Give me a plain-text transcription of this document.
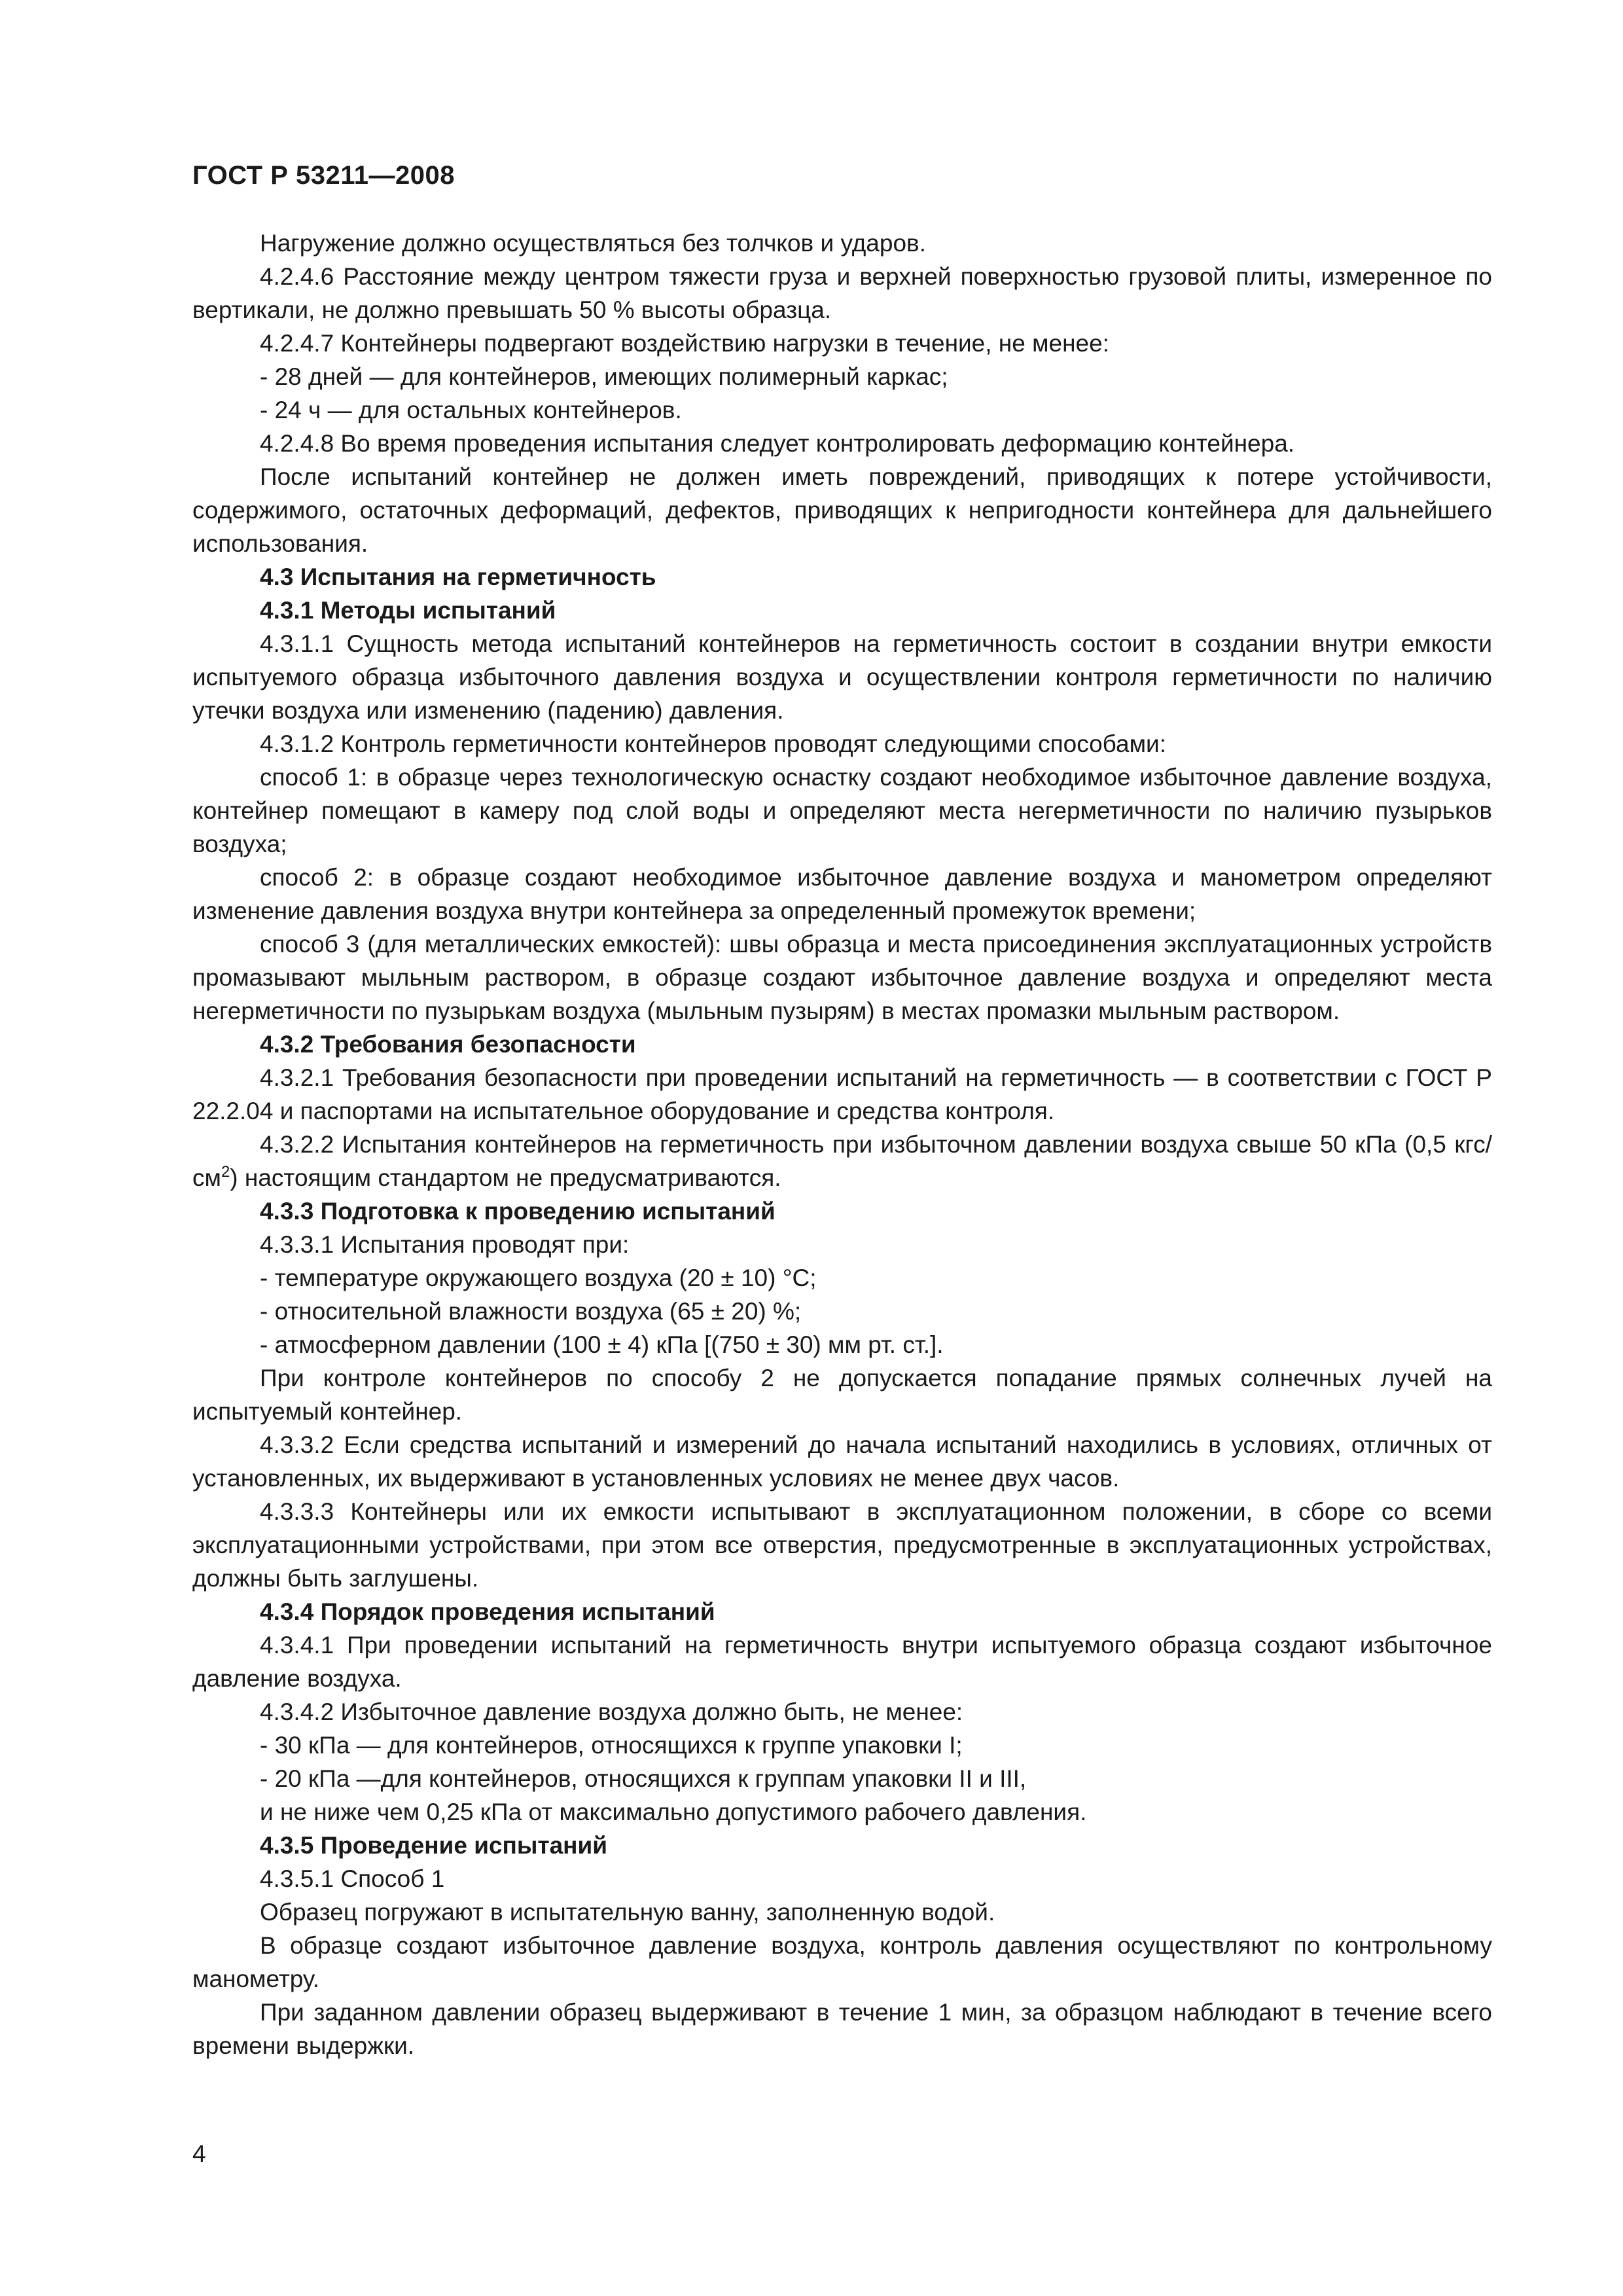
ГОСТ Р 53211—2008

Нагружение должно осуществляться без толчков и ударов.

4.2.4.6 Расстояние между центром тяжести груза и верхней поверхностью грузовой плиты, измеренное по вертикали, не должно превышать 50 % высоты образца.

4.2.4.7 Контейнеры подвергают воздействию нагрузки в течение, не менее:

- 28 дней — для контейнеров, имеющих полимерный каркас;

- 24 ч — для остальных контейнеров.

4.2.4.8 Во время проведения испытания следует контролировать деформацию контейнера.

После испытаний контейнер не должен иметь повреждений, приводящих к потере устойчивости, содержимого, остаточных деформаций, дефектов, приводящих к непригодности контейнера для дальнейшего использования.

4.3 Испытания на герметичность

4.3.1 Методы испытаний

4.3.1.1 Сущность метода испытаний контейнеров на герметичность состоит в создании внутри емкости испытуемого образца избыточного давления воздуха и осуществлении контроля герметичности по наличию утечки воздуха или изменению (падению) давления.

4.3.1.2 Контроль герметичности контейнеров проводят следующими способами:

способ 1: в образце через технологическую оснастку создают необходимое избыточное давление воздуха, контейнер помещают в камеру под слой воды и определяют места негерметичности по наличию пузырьков воздуха;

способ 2: в образце создают необходимое избыточное давление воздуха и манометром определяют изменение давления воздуха внутри контейнера за определенный промежуток времени;

способ 3 (для металлических емкостей): швы образца и места присоединения эксплуатационных устройств промазывают мыльным раствором, в образце создают избыточное давление воздуха и определяют места негерметичности по пузырькам воздуха (мыльным пузырям) в местах промазки мыльным раствором.

4.3.2 Требования безопасности

4.3.2.1 Требования безопасности при проведении испытаний на герметичность — в соответствии с ГОСТ Р 22.2.04 и паспортами на испытательное оборудование и средства контроля.

4.3.2.2 Испытания контейнеров на герметичность при избыточном давлении воздуха свыше 50 кПа (0,5 кгс/$см^2$) настоящим стандартом не предусматриваются.

4.3.3 Подготовка к проведению испытаний

4.3.3.1 Испытания проводят при:

- температуре окружающего воздуха (20 ± 10) °C;

- относительной влажности воздуха (65 ± 20) %;

- атмосферном давлении (100 ± 4) кПа [(750 ± 30) мм рт. ст.].

При контроле контейнеров по способу 2 не допускается попадание прямых солнечных лучей на испытуемый контейнер.

4.3.3.2 Если средства испытаний и измерений до начала испытаний находились в условиях, отличных от установленных, их выдерживают в установленных условиях не менее двух часов.

4.3.3.3 Контейнеры или их емкости испытывают в эксплуатационном положении, в сборе со всеми эксплуатационными устройствами, при этом все отверстия, предусмотренные в эксплуатационных устройствах, должны быть заглушены.

4.3.4 Порядок проведения испытаний

4.3.4.1 При проведении испытаний на герметичность внутри испытуемого образца создают избыточное давление воздуха.

4.3.4.2 Избыточное давление воздуха должно быть, не менее:

- 30 кПа — для контейнеров, относящихся к группе упаковки I;

- 20 кПа —для контейнеров, относящихся к группам упаковки II и III,

и не ниже чем 0,25 кПа от максимально допустимого рабочего давления.

4.3.5 Проведение испытаний

4.3.5.1 Способ 1

Образец погружают в испытательную ванну, заполненную водой.

В образце создают избыточное давление воздуха, контроль давления осуществляют по контрольному манометру.

При заданном давлении образец выдерживают в течение 1 мин, за образцом наблюдают в течение всего времени выдержки.

4
